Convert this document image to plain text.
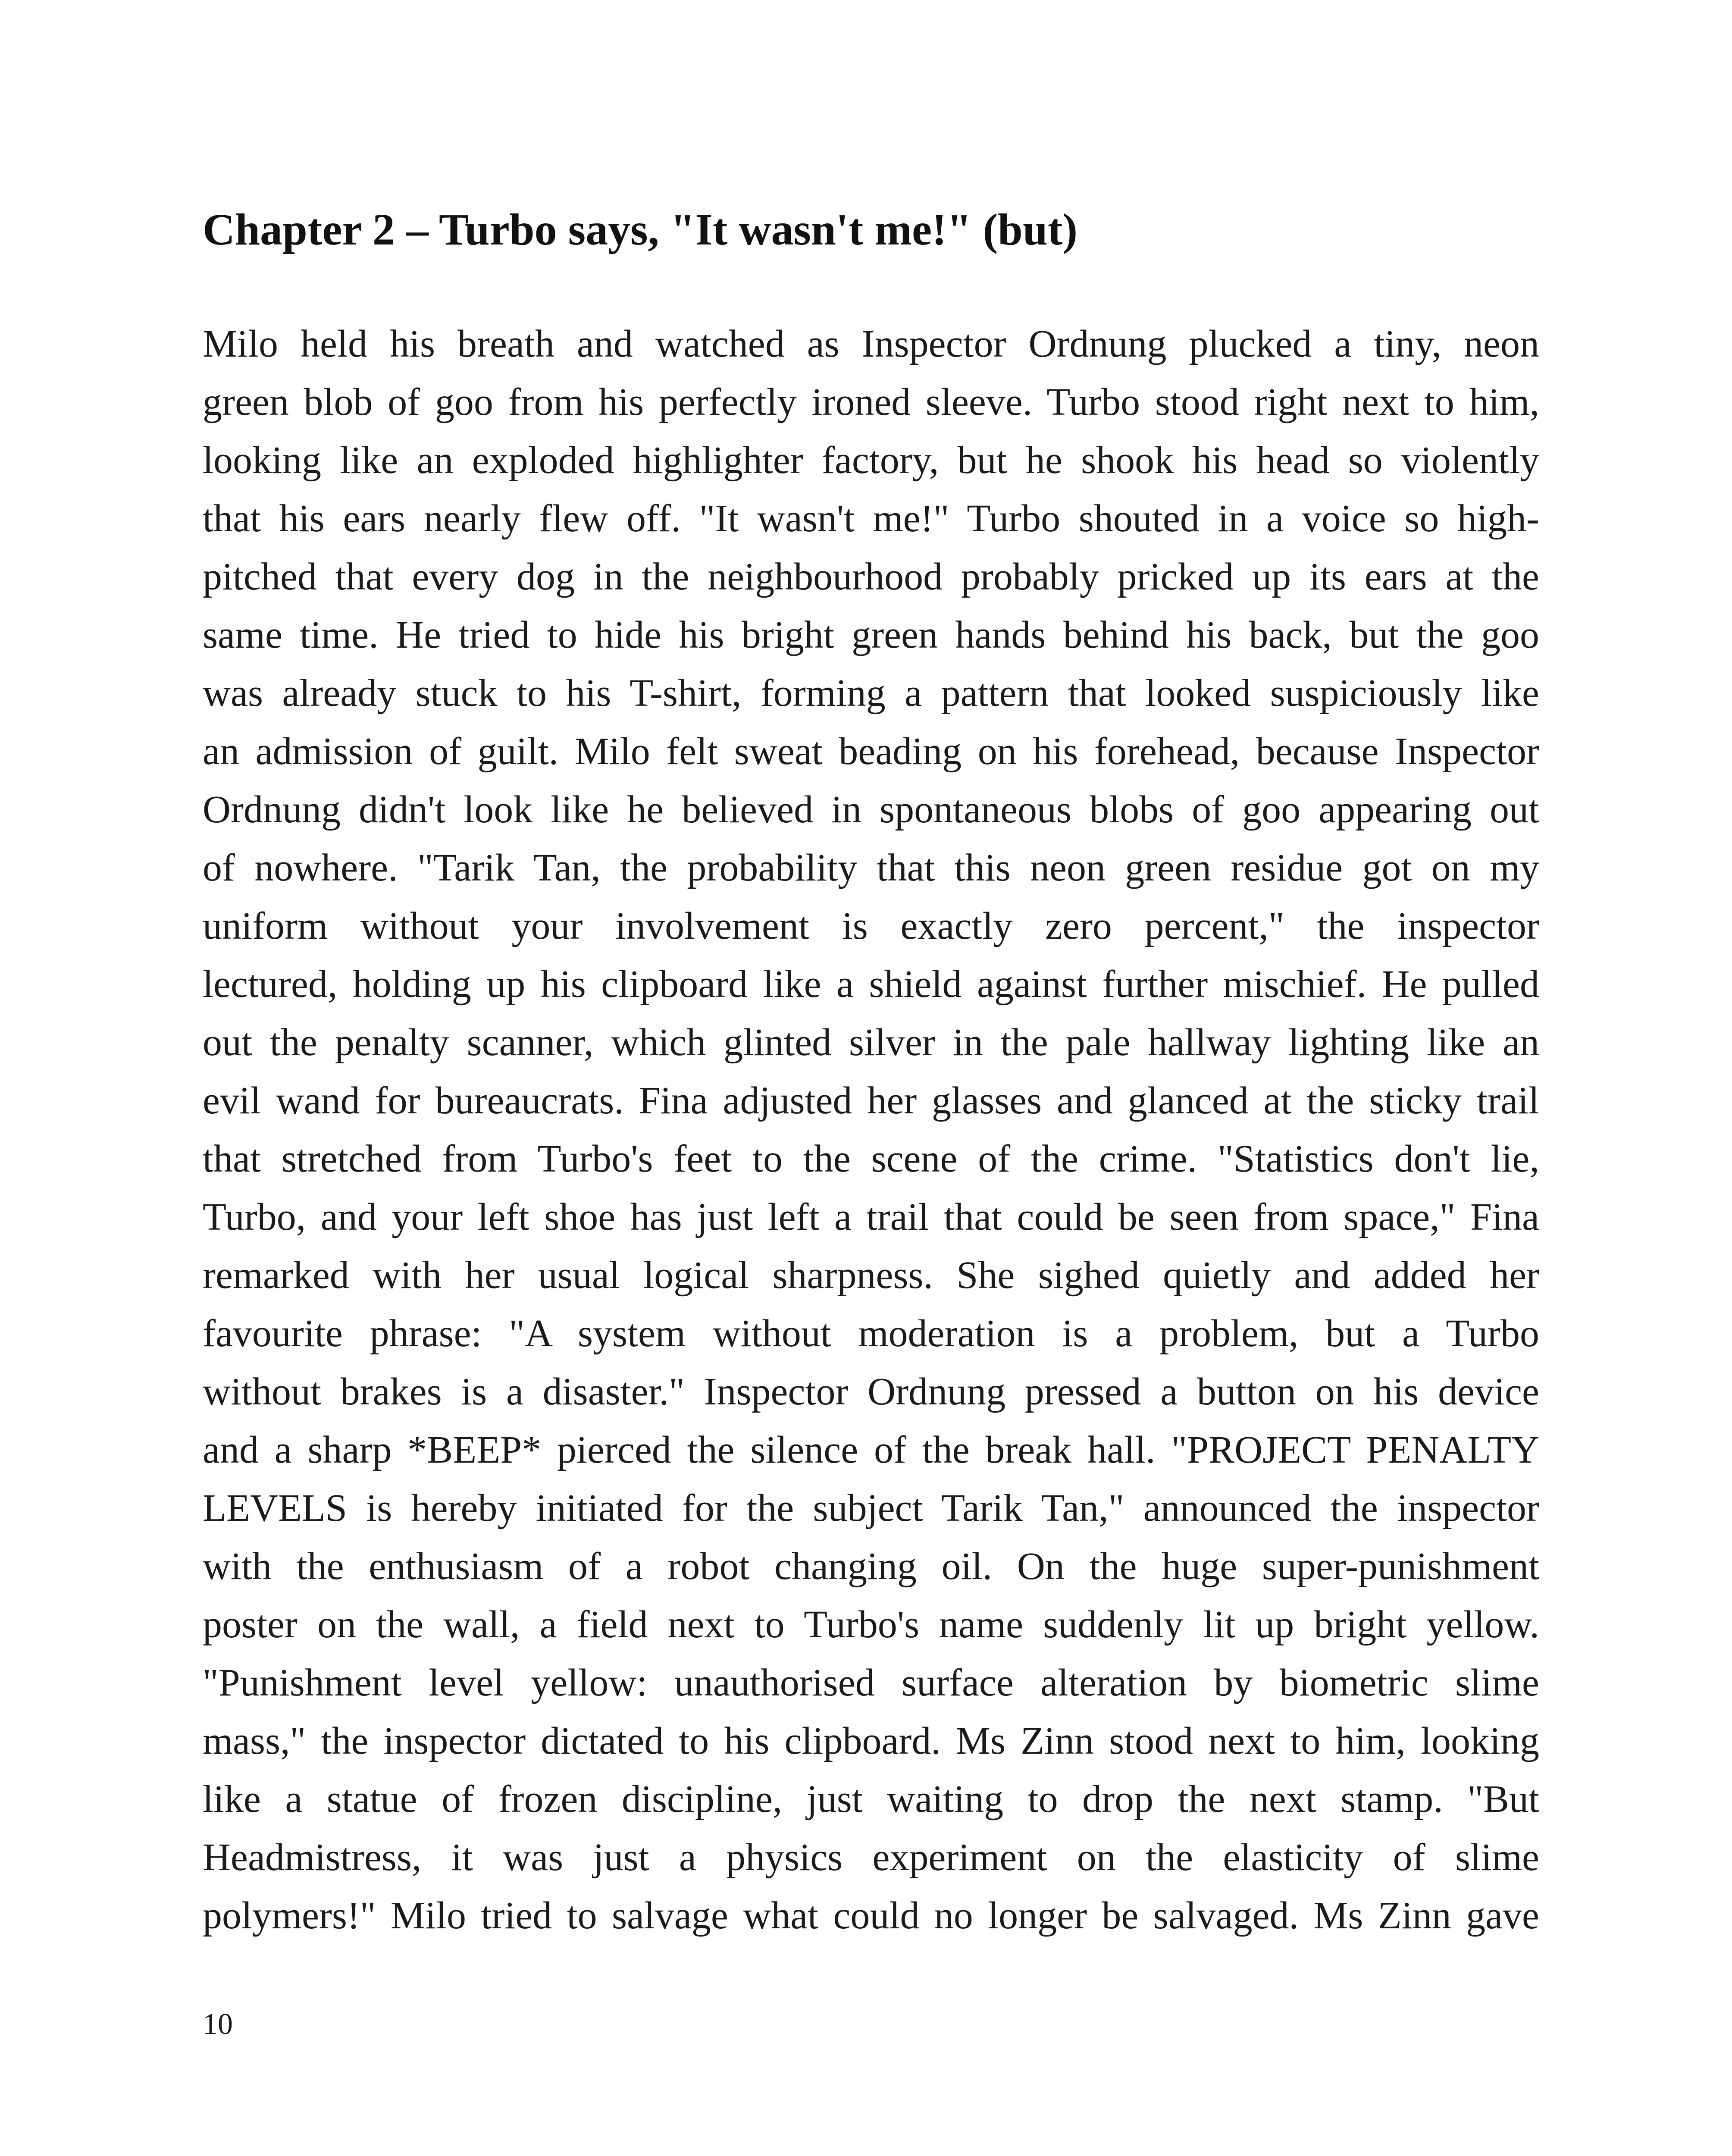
Chapter 2 – Turbo says, "It wasn't me!" (but)
Milo held his breath and watched as Inspector Ordnung plucked a tiny, neon
green blob of goo from his perfectly ironed sleeve. Turbo stood right next to him,
looking like an exploded highlighter factory, but he shook his head so violently
that his ears nearly flew off. "It wasn't me!" Turbo shouted in a voice so high-
pitched that every dog in the neighbourhood probably pricked up its ears at the
same time. He tried to hide his bright green hands behind his back, but the goo
was already stuck to his T-shirt, forming a pattern that looked suspiciously like
an admission of guilt. Milo felt sweat beading on his forehead, because Inspector
Ordnung didn't look like he believed in spontaneous blobs of goo appearing out
of nowhere. "Tarik Tan, the probability that this neon green residue got on my
uniform without your involvement is exactly zero percent," the inspector
lectured, holding up his clipboard like a shield against further mischief. He pulled
out the penalty scanner, which glinted silver in the pale hallway lighting like an
evil wand for bureaucrats. Fina adjusted her glasses and glanced at the sticky trail
that stretched from Turbo's feet to the scene of the crime. "Statistics don't lie,
Turbo, and your left shoe has just left a trail that could be seen from space," Fina
remarked with her usual logical sharpness. She sighed quietly and added her
favourite phrase: "A system without moderation is a problem, but a Turbo
without brakes is a disaster." Inspector Ordnung pressed a button on his device
and a sharp *BEEP* pierced the silence of the break hall. "PROJECT PENALTY
LEVELS is hereby initiated for the subject Tarik Tan," announced the inspector
with the enthusiasm of a robot changing oil. On the huge super-punishment
poster on the wall, a field next to Turbo's name suddenly lit up bright yellow.
"Punishment level yellow: unauthorised surface alteration by biometric slime
mass," the inspector dictated to his clipboard. Ms Zinn stood next to him, looking
like a statue of frozen discipline, just waiting to drop the next stamp. "But
Headmistress, it was just a physics experiment on the elasticity of slime
polymers!" Milo tried to salvage what could no longer be salvaged. Ms Zinn gave
10
